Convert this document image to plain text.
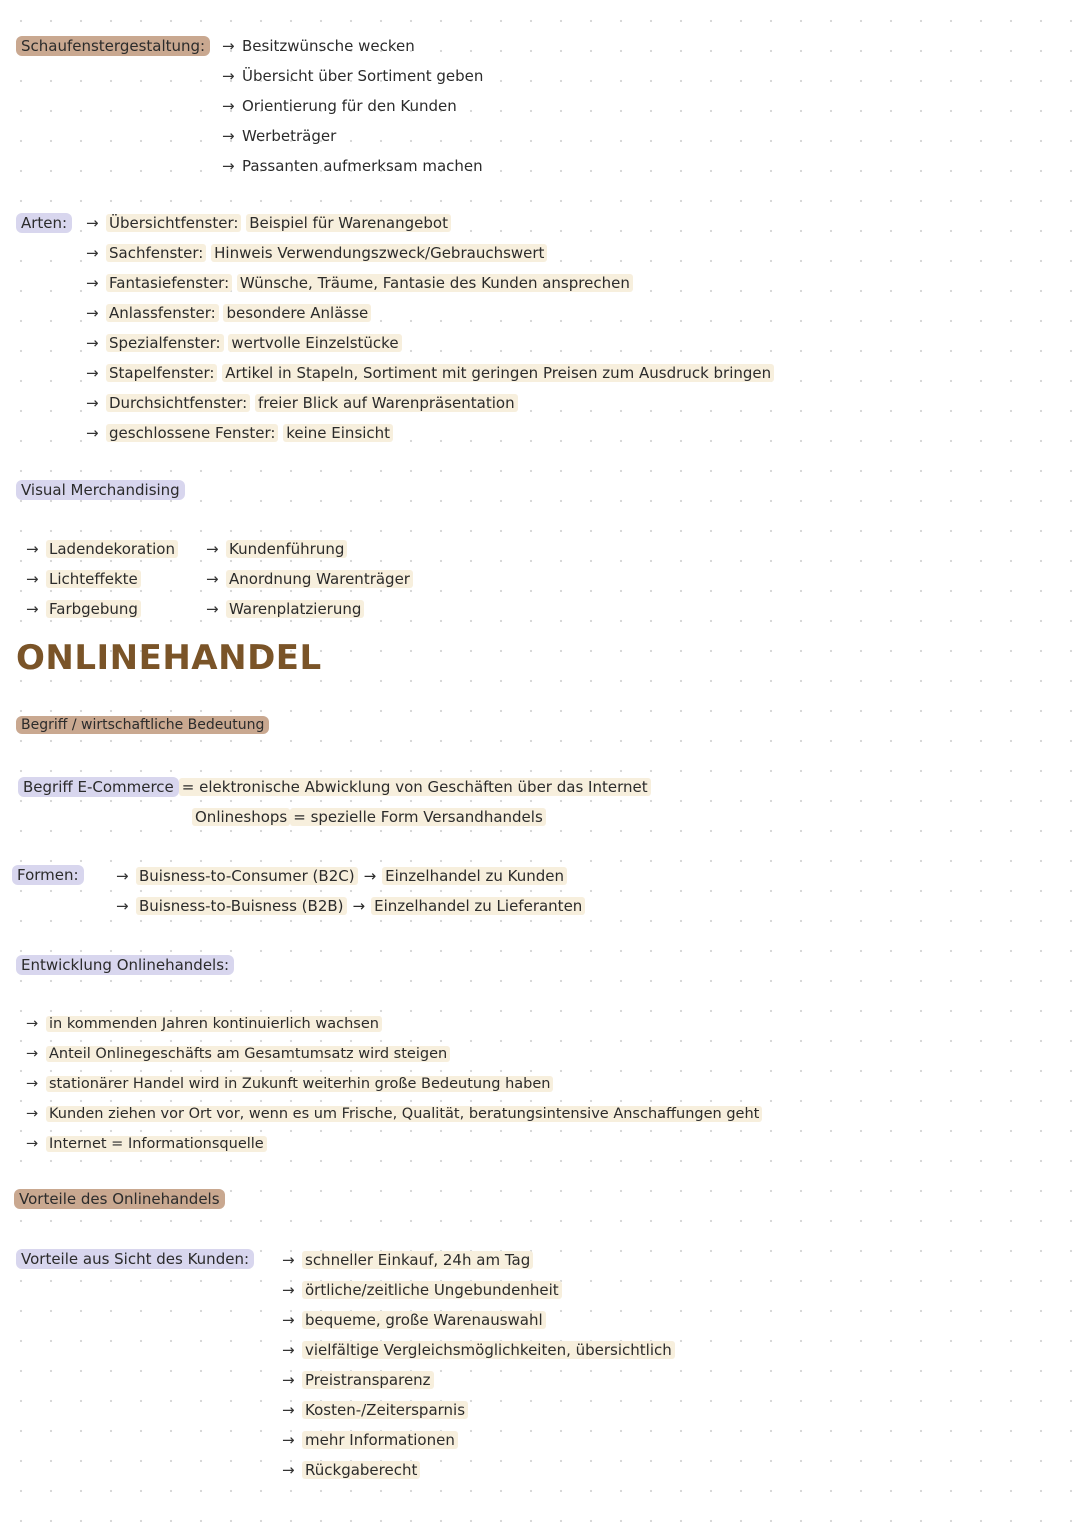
Schaufenstergestaltung:	→ Besitzwünsche wecken
→ Übersicht über Sortiment geben
→ Orientierung für den Kunden
→ Werbeträger
→ Passanten aufmerksam machen
Arten:	→ Übersichtfenster: Beispiel für Warenangebot
→ Sachfenster: Hinweis Verwendungszweck/Gebrauchswert
→ Fantasiefenster: Wünsche, Träume, Fantasie des Kunden ansprechen
→ Anlassfenster: besondere Anlässe
→ Spezialfenster: wertvolle Einzelstücke
→ Stapelfenster: Artikel in Stapeln, Sortiment mit geringen Preisen zum Ausdruck bringen
→ Durchsichtfenster: freier Blick auf Warenpräsentation
→ geschlossene Fenster: keine Einsicht
Visual Merchandising
→ Ladendekoration
→ Lichteffekte
→ Farbgebung
→ Kundenführung
→ Anordnung Warenträger
→ Warenplatzierung
ONLINEHANDEL
Begriff / wirtschaftliche Bedeutung
Begriff E-Commerce = elektronische Abwicklung von Geschäften über das Internet
Onlineshops = spezielle Form Versandhandels
Formen:	→ Buisness-to-Consumer (B2C) → Einzelhandel zu Kunden
→ Buisness-to-Buisness (B2B) → Einzelhandel zu Lieferanten
Entwicklung Onlinehandels:
→ in kommenden Jahren kontinuierlich wachsen
→ Anteil Onlinegeschäfts am Gesamtumsatz wird steigen
→ stationärer Handel wird in Zukunft weiterhin große Bedeutung haben
→ Kunden ziehen vor Ort vor, wenn es um Frische, Qualität, beratungsintensive Anschaffungen geht
→ Internet = Informationsquelle
Vorteile des Onlinehandels
Vorteile aus Sicht des Kunden:	→ schneller Einkauf, 24h am Tag
→ örtliche/zeitliche Ungebundenheit
→ bequeme, große Warenauswahl
→ vielfältige Vergleichsmöglichkeiten, übersichtlich
→ Preistransparenz
→ Kosten-/Zeitersparnis
→ mehr Informationen
→ Rückgaberecht
